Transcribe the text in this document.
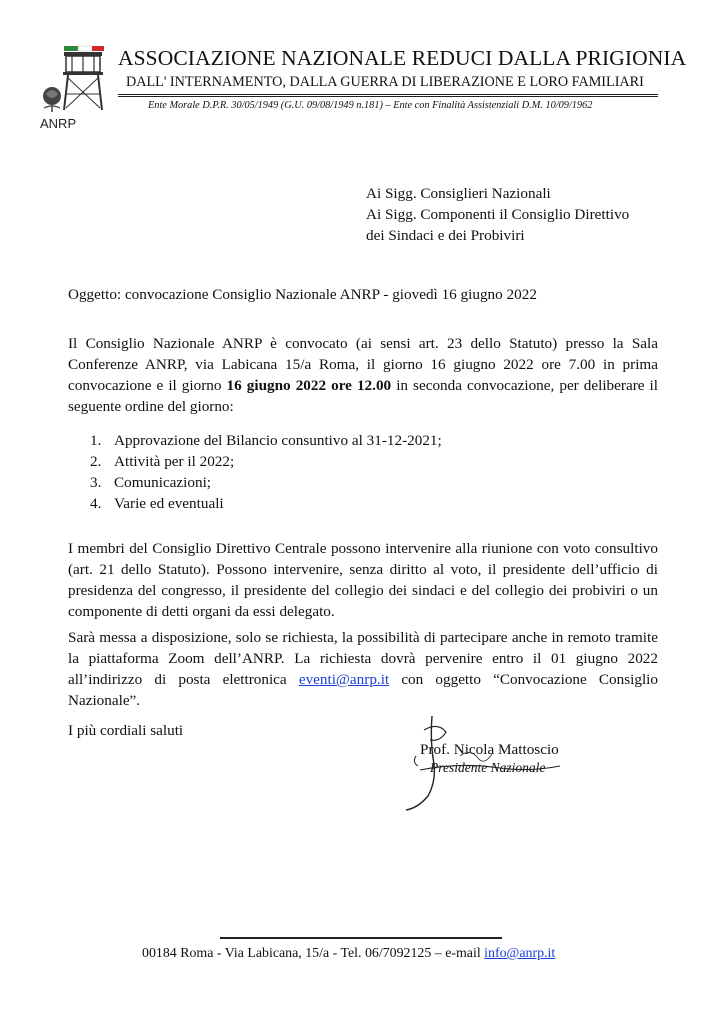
ANRP
ASSOCIAZIONE NAZIONALE REDUCI DALLA PRIGIONIA
DALL' INTERNAMENTO, DALLA GUERRA DI LIBERAZIONE E LORO FAMILIARI
Ente Morale D.P.R. 30/05/1949 (G.U. 09/08/1949 n.181) – Ente con Finalità Assistenziali D.M. 10/09/1962
Ai Sigg. Consiglieri Nazionali
Ai Sigg. Componenti il Consiglio Direttivo
dei Sindaci e dei Probiviri
Oggetto: convocazione Consiglio Nazionale ANRP - giovedì 16 giugno 2022
Il Consiglio Nazionale ANRP è convocato (ai sensi art. 23 dello Statuto) presso la Sala Conferenze ANRP, via Labicana 15/a Roma, il giorno 16 giugno 2022 ore 7.00 in prima convocazione e il giorno 16 giugno 2022 ore 12.00 in seconda convocazione, per deliberare il seguente ordine del giorno:
1. Approvazione del Bilancio consuntivo al 31-12-2021;
2. Attività per il 2022;
3. Comunicazioni;
4. Varie ed eventuali
I membri del Consiglio Direttivo Centrale possono intervenire alla riunione con voto consultivo (art. 21 dello Statuto). Possono intervenire, senza diritto al voto, il presidente dell’ufficio di presidenza del congresso, il presidente del collegio dei sindaci e del collegio dei probiviri o un componente di detti organi da essi delegato.
Sarà messa a disposizione, solo se richiesta, la possibilità di partecipare anche in remoto tramite la piattaforma Zoom dell’ANRP. La richiesta dovrà pervenire entro il 01 giugno 2022 all’indirizzo di posta elettronica eventi@anrp.it con oggetto “Convocazione Consiglio Nazionale”.
I più cordiali saluti
Prof. Nicola Mattoscio
Presidente Nazionale
00184 Roma - Via Labicana, 15/a - Tel. 06/7092125 – e-mail info@anrp.it
